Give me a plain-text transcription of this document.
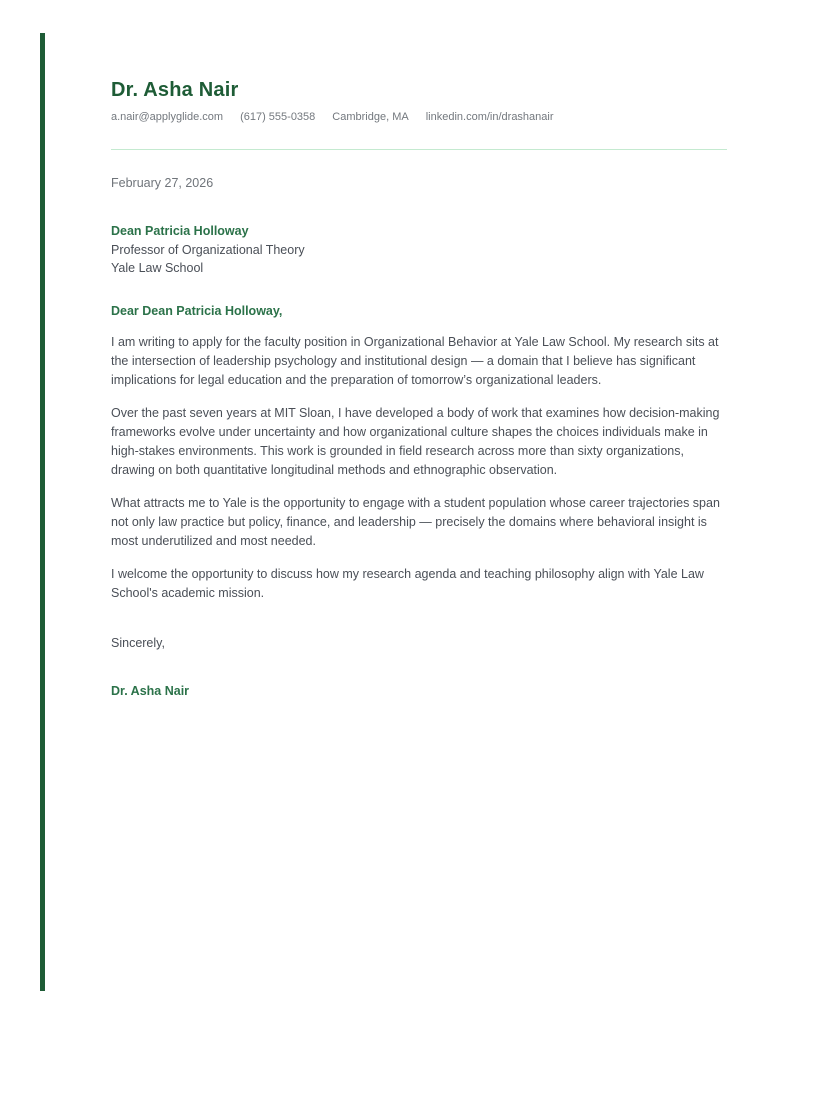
Dr. Asha Nair
a.nair@applyglide.com (617) 555-0358 Cambridge, MA linkedin.com/in/drashanair
February 27, 2026
Dean Patricia Holloway
Professor of Organizational Theory
Yale Law School
Dear Dean Patricia Holloway,

I am writing to apply for the faculty position in Organizational Behavior at Yale Law School. My research sits at the intersection of leadership psychology and institutional design — a domain that I believe has significant implications for legal education and the preparation of tomorrow’s organizational leaders.

Over the past seven years at MIT Sloan, I have developed a body of work that examines how decision-making frameworks evolve under uncertainty and how organizational culture shapes the choices individuals make in high-stakes environments. This work is grounded in field research across more than sixty organizations, drawing on both quantitative longitudinal methods and ethnographic observation.

What attracts me to Yale is the opportunity to engage with a student population whose career trajectories span not only law practice but policy, finance, and leadership — precisely the domains where behavioral insight is most underutilized and most needed.

I welcome the opportunity to discuss how my research agenda and teaching philosophy align with Yale Law School's academic mission.

Sincerely,
Dr. Asha Nair
